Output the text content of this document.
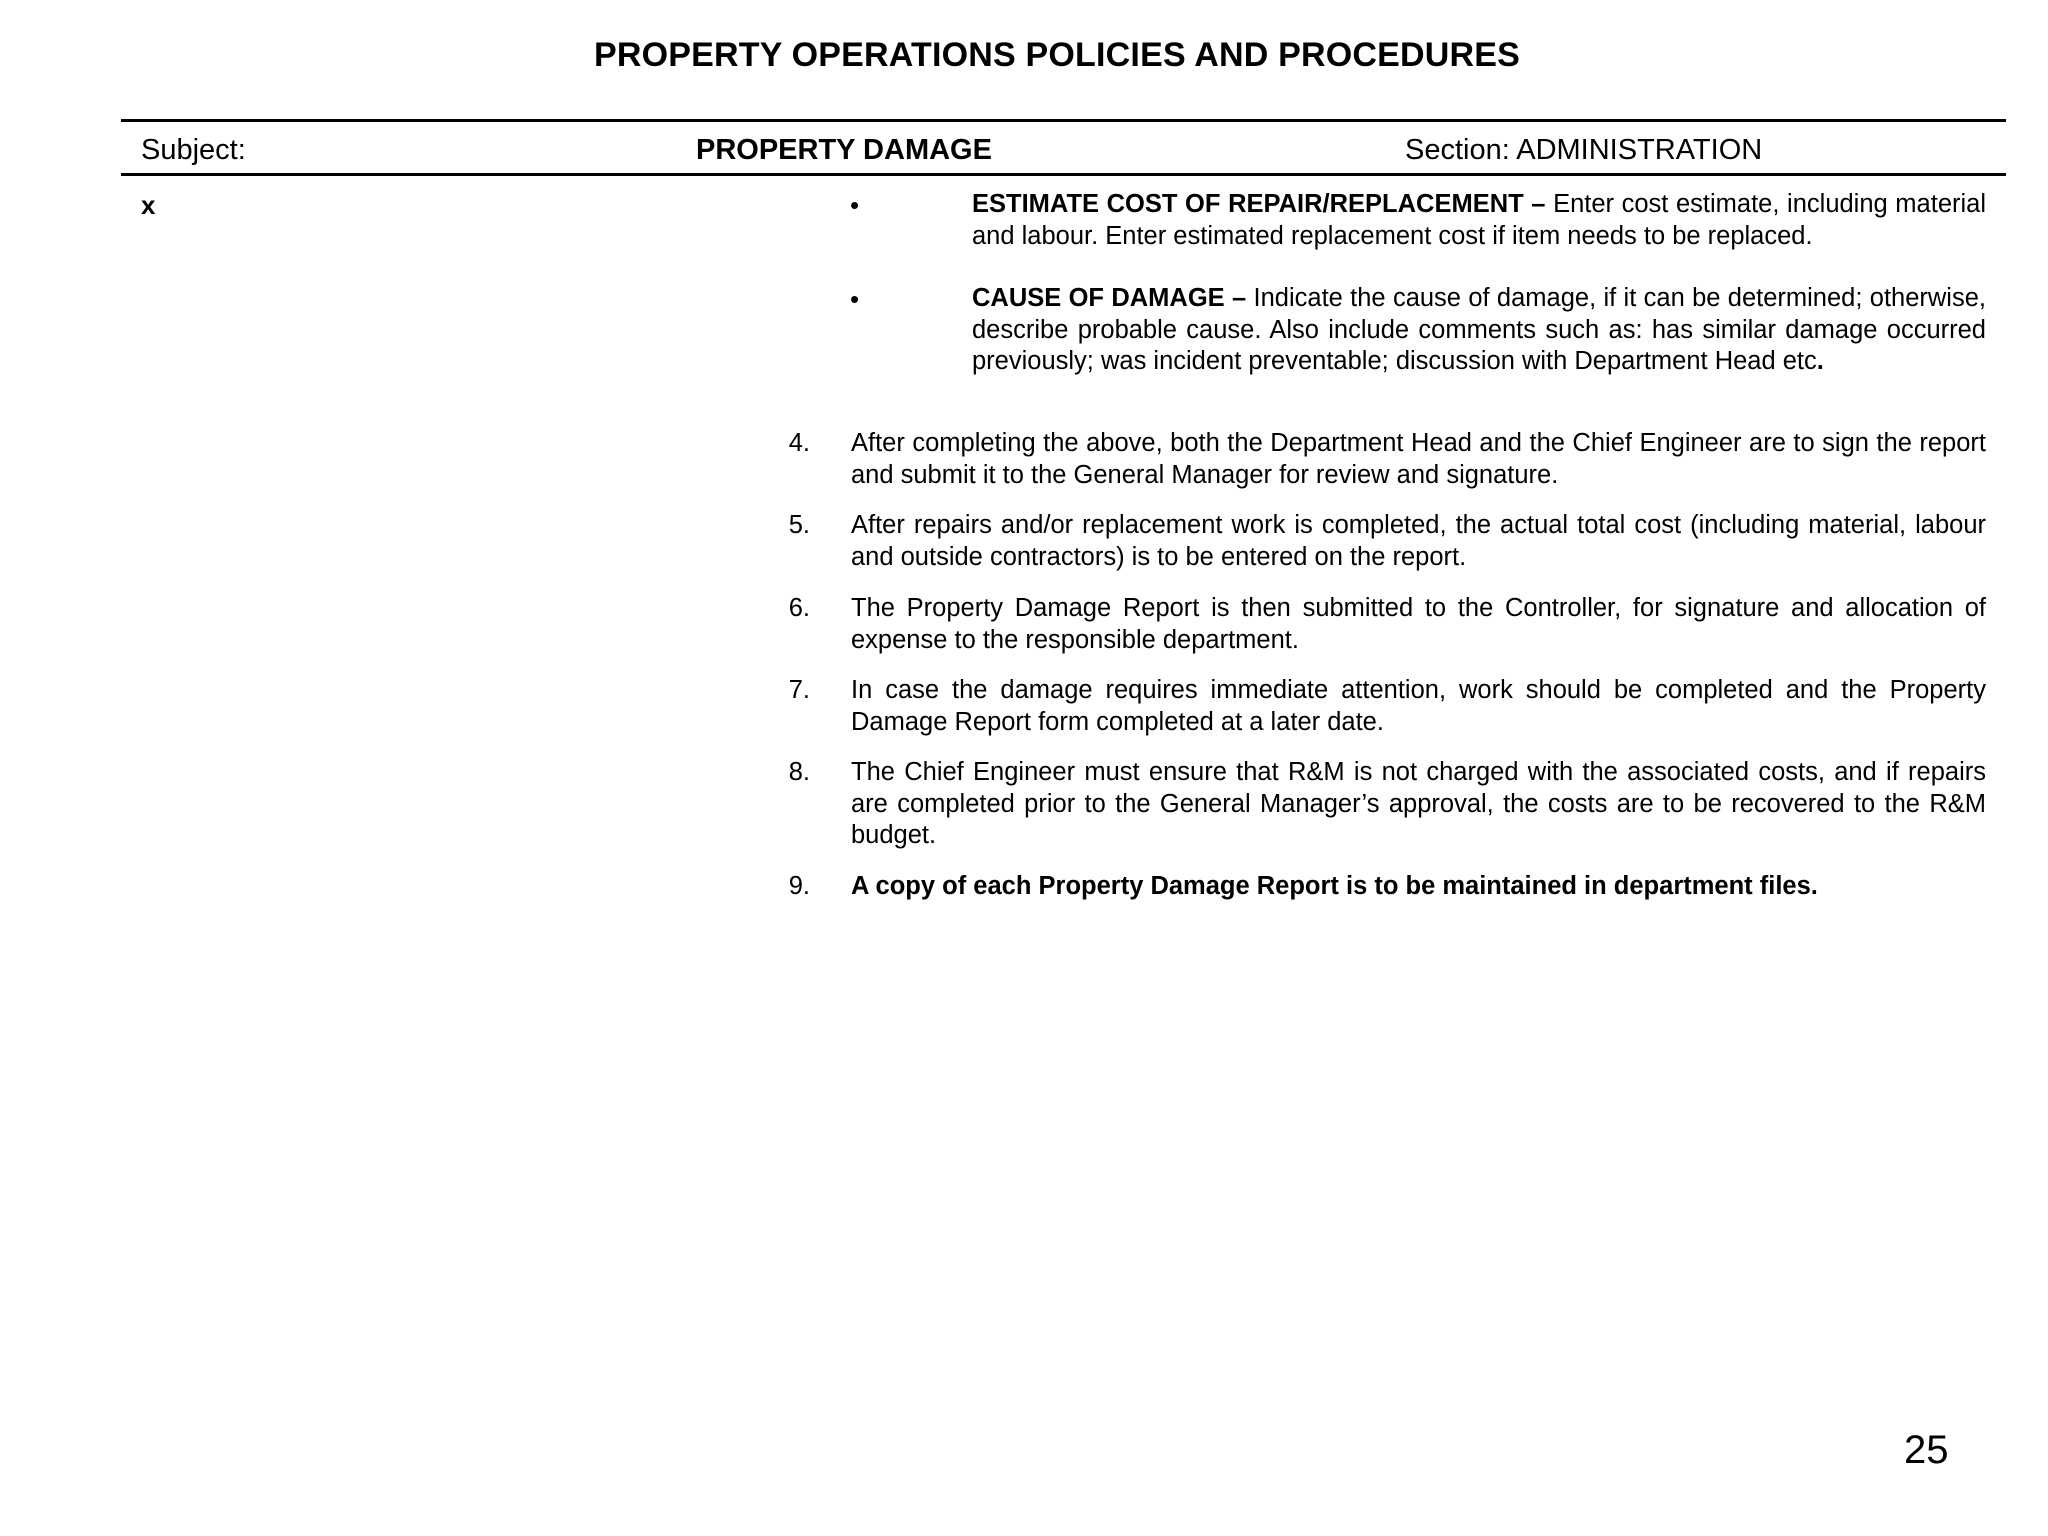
PROPERTY OPERATIONS POLICIES AND PROCEDURES
Subject:	PROPERTY DAMAGE	Section: ADMINISTRATION
x	•	ESTIMATE COST OF REPAIR/REPLACEMENT – Enter cost estimate, including material and labour. Enter estimated replacement cost if item needs to be replaced.
•	CAUSE OF DAMAGE – Indicate the cause of damage, if it can be determined; otherwise, describe probable cause. Also include comments such as: has similar damage occurred previously; was incident preventable; discussion with Department Head etc.
4. After completing the above, both the Department Head and the Chief Engineer are to sign the report and submit it to the General Manager for review and signature.
5. After repairs and/or replacement work is completed, the actual total cost (including material, labour and outside contractors) is to be entered on the report.
6. The Property Damage Report is then submitted to the Controller, for signature and allocation of expense to the responsible department.
7. In case the damage requires immediate attention, work should be completed and the Property Damage Report form completed at a later date.
8. The Chief Engineer must ensure that R&M is not charged with the associated costs, and if repairs are completed prior to the General Manager’s approval, the costs are to be recovered to the R&M budget.
9. A copy of each Property Damage Report is to be maintained in department files.
25
